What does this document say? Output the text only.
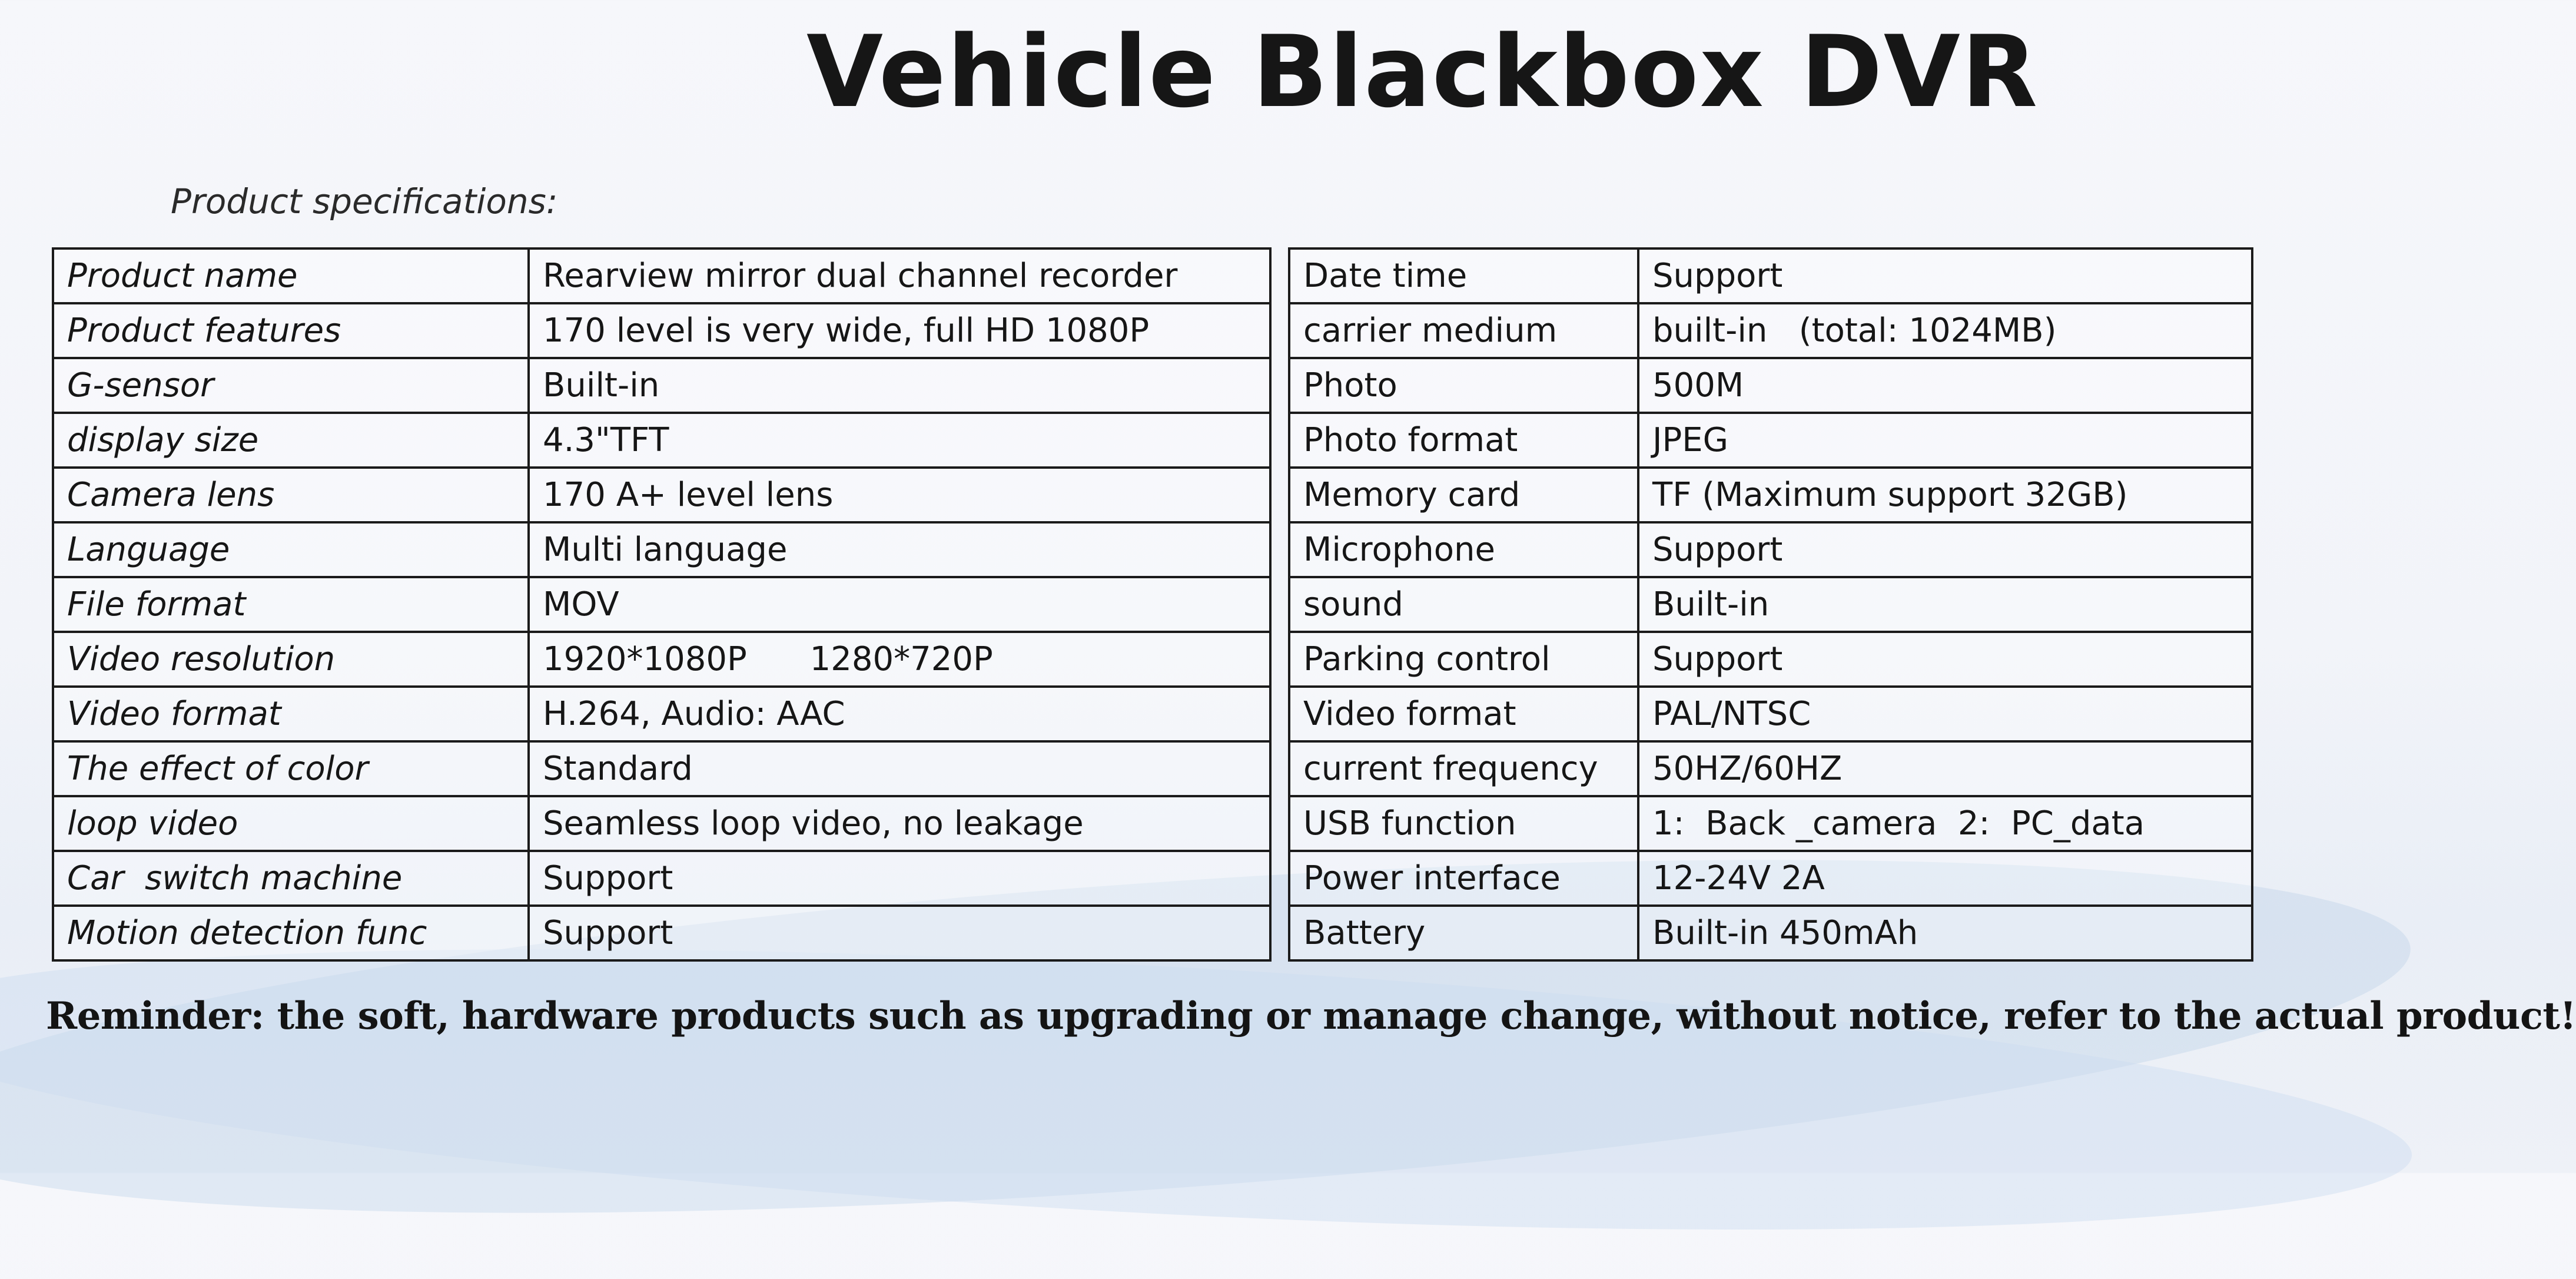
Vehicle Blackbox DVR

Product specifications:

Product name	Rearview mirror dual channel recorder
Product features	170 level is very wide, full HD 1080P
G-sensor	Built-in
display size	4.3"TFT
Camera lens	170 A+ level lens
Language	Multi language
File format	MOV
Video resolution	1920*1080P      1280*720P
Video format	H.264, Audio: AAC
The effect of color	Standard
loop video	Seamless loop video, no leakage
Car  switch machine	Support
Motion detection func	Support
Date time	Support
carrier medium	built-in   (total: 1024MB)
Photo	500M
Photo format	JPEG
Memory card	TF (Maximum support 32GB)
Microphone	Support
sound	Built-in
Parking control	Support
Video format	PAL/NTSC
current frequency	50HZ/60HZ
USB function	1:  Back _camera  2:  PC_data
Power interface	12-24V 2A
Battery	Built-in 450mAh

Reminder: the soft, hardware products such as upgrading or manage change, without notice, refer to the actual product!
